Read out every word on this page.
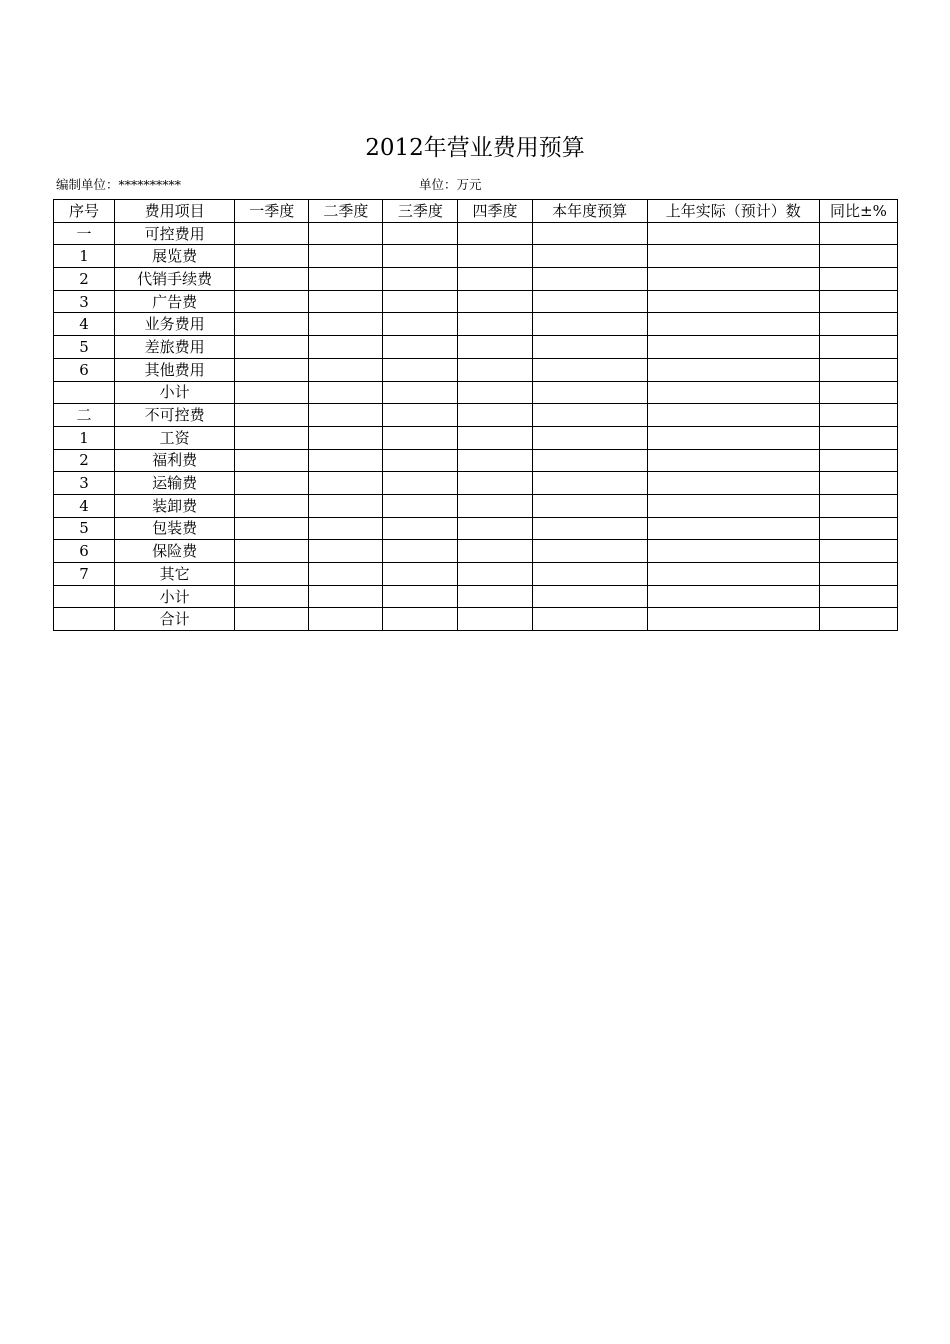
2012年营业费用预算
编制单位：**********	单位：万元
序号	费用项目	一季度	二季度	三季度	四季度	本年度预算	上年实际（预计）数	同比±%
一	可控费用							
1	展览费							
2	代销手续费							
3	广告费							
4	业务费用							
5	差旅费用							
6	其他费用							
	小计							
二	不可控费							
1	工资							
2	福利费							
3	运输费							
4	装卸费							
5	包装费							
6	保险费							
7	其它							
	小计							
	合计							
